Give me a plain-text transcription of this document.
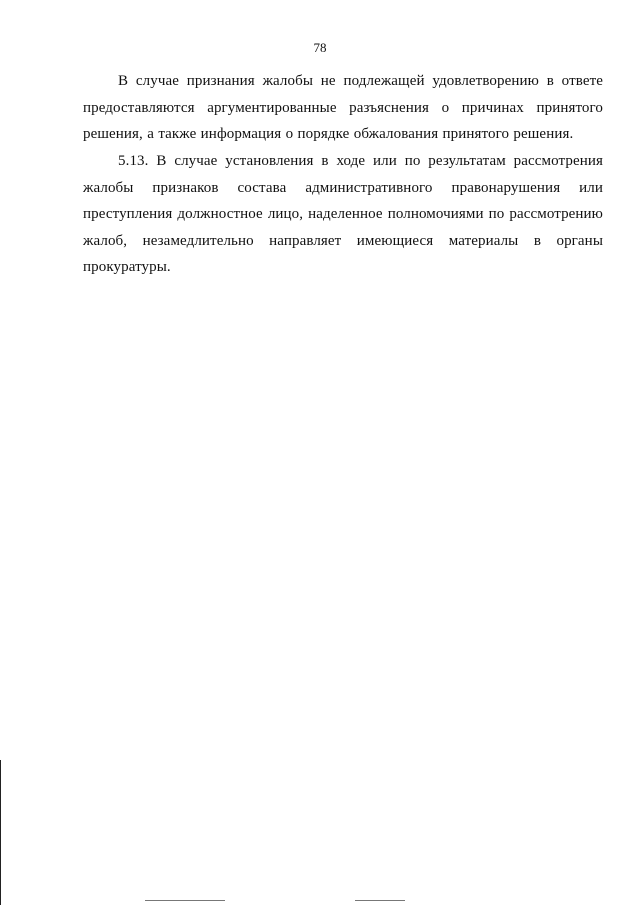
78

В случае признания жалобы не подлежащей удовлетворению в ответе предоставляются аргументированные разъяснения о причинах принятого решения, а также информация о порядке обжалования принятого решения.

5.13. В случае установления в ходе или по результатам рассмотрения жалобы признаков состава административного правонарушения или преступления должностное лицо, наделенное полномочиями по рассмотрению жалоб, незамедлительно направляет имеющиеся материалы в органы прокуратуры.
